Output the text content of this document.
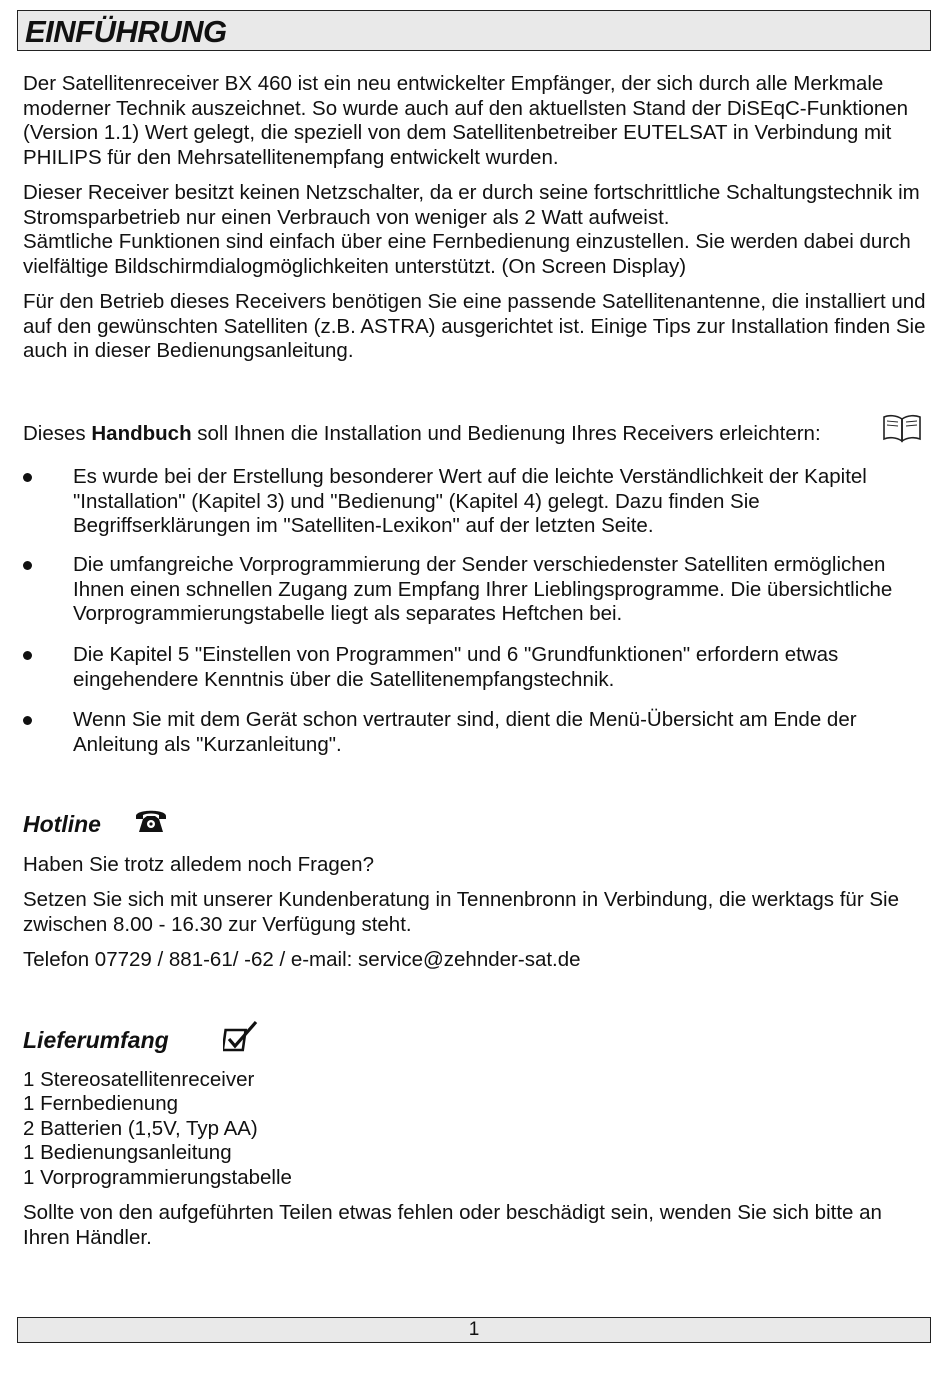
EINFÜHRUNG

Der Satellitenreceiver BX 460 ist ein neu entwickelter Empfänger, der sich durch alle Merkmale moderner Technik auszeichnet. So wurde auch auf den aktuellsten Stand der DiSEqC-Funktionen (Version 1.1) Wert gelegt, die speziell von dem Satellitenbetreiber EUTELSAT in Verbindung mit PHILIPS für den Mehrsatellitenempfang entwickelt wurden.

Dieser Receiver besitzt keinen Netzschalter, da er durch seine fortschrittliche Schaltungstechnik im Stromsparbetrieb nur einen Verbrauch von weniger als 2 Watt aufweist.

Sämtliche Funktionen sind einfach über eine Fernbedienung einzustellen. Sie werden dabei durch vielfältige Bildschirmdialogmöglichkeiten unterstützt. (On Screen Display)

Für den Betrieb dieses Receivers benötigen Sie eine passende Satellitenantenne, die installiert und auf den gewünschten Satelliten (z.B. ASTRA) ausgerichtet ist. Einige Tips zur Installation finden Sie auch in dieser Bedienungsanleitung.

Dieses Handbuch soll Ihnen die Installation und Bedienung Ihres Receivers erleichtern:

Es wurde bei der Erstellung besonderer Wert auf die leichte Verständlichkeit der Kapitel "Installation" (Kapitel 3) und "Bedienung" (Kapitel 4) gelegt. Dazu finden Sie Begriffserklärungen im "Satelliten-Lexikon" auf der letzten Seite.
Die umfangreiche Vorprogrammierung der Sender verschiedenster Satelliten ermöglichen Ihnen einen schnellen Zugang zum Empfang Ihrer Lieblingsprogramme. Die übersichtliche Vorprogrammierungstabelle liegt als separates Heftchen bei.
Die Kapitel 5 "Einstellen von Programmen" und 6 "Grundfunktionen" erfordern etwas eingehendere Kenntnis über die Satellitenempfangstechnik.
Wenn Sie mit dem Gerät schon vertrauter sind, dient die Menü-Übersicht am Ende der Anleitung als "Kurzanleitung".
Hotline

Haben Sie trotz alledem noch Fragen?

Setzen Sie sich mit unserer Kundenberatung in Tennenbronn in Verbindung, die werktags für Sie zwischen 8.00 - 16.30 zur Verfügung steht.

Telefon 07729 / 881-61/ -62 / e-mail: service@zehnder-sat.de

Lieferumfang

1 Stereosatellitenreceiver

1 Fernbedienung

2 Batterien (1,5V, Typ AA)

1 Bedienungsanleitung

1 Vorprogrammierungstabelle

Sollte von den aufgeführten Teilen etwas fehlen oder beschädigt sein, wenden Sie sich bitte an Ihren Händler.

1
